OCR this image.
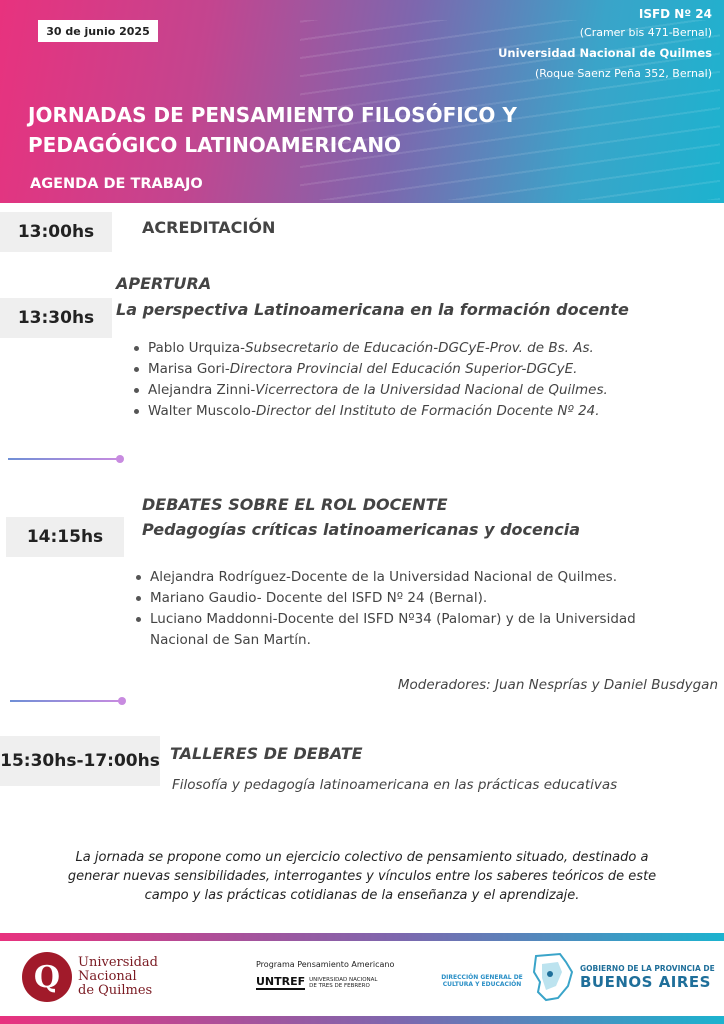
30 de junio 2025
ISFD Nº 24
(Cramer bis 471-Bernal)
Universidad Nacional de Quilmes
(Roque Saenz Peña 352, Bernal)
JORNADAS DE PENSAMIENTO FILOSÓFICO Y
PEDAGÓGICO LATINOAMERICANO
AGENDA DE TRABAJO
13:00hs	ACREDITACIÓN
APERTURA
La perspectiva Latinoamericana en la formación docente
13:30hs
Pablo Urquiza-Subsecretario de Educación-DGCyE-Prov. de Bs. As.
Marisa Gori-Directora Provincial del Educación Superior-DGCyE.
Alejandra Zinni-Vicerrectora de la Universidad Nacional de Quilmes.
Walter Muscolo-Director del Instituto de Formación Docente Nº 24.
DEBATES SOBRE EL ROL DOCENTE
Pedagogías críticas latinoamericanas y docencia
14:15hs
Alejandra Rodríguez-Docente de la Universidad Nacional de Quilmes.
Mariano Gaudio- Docente del ISFD Nº 24 (Bernal).
Luciano Maddonni-Docente del ISFD Nº34 (Palomar) y de la Universidad
Nacional de San Martín.
Moderadores: Juan Nesprías y Daniel Busdygan
15:30hs-17:00hs TALLERES DE DEBATE
Filosofía y pedagogía latinoamericana en las prácticas educativas
La jornada se propone como un ejercicio colectivo de pensamiento situado, destinado a
generar nuevas sensibilidades, interrogantes y vínculos entre los saberes teóricos de este
campo y las prácticas cotidianas de la enseñanza y el aprendizaje.
Q	Universidad
Nacional
de Quilmes
Programa Pensamiento Americano
UNTREF UNIVERSIDAD NACIONAL DE TRES DE FEBRERO
DIRECCIÓN GENERAL DE
CULTURA Y EDUCACIÓN
GOBIERNO DE LA PROVINCIA DE
BUENOS AIRES
